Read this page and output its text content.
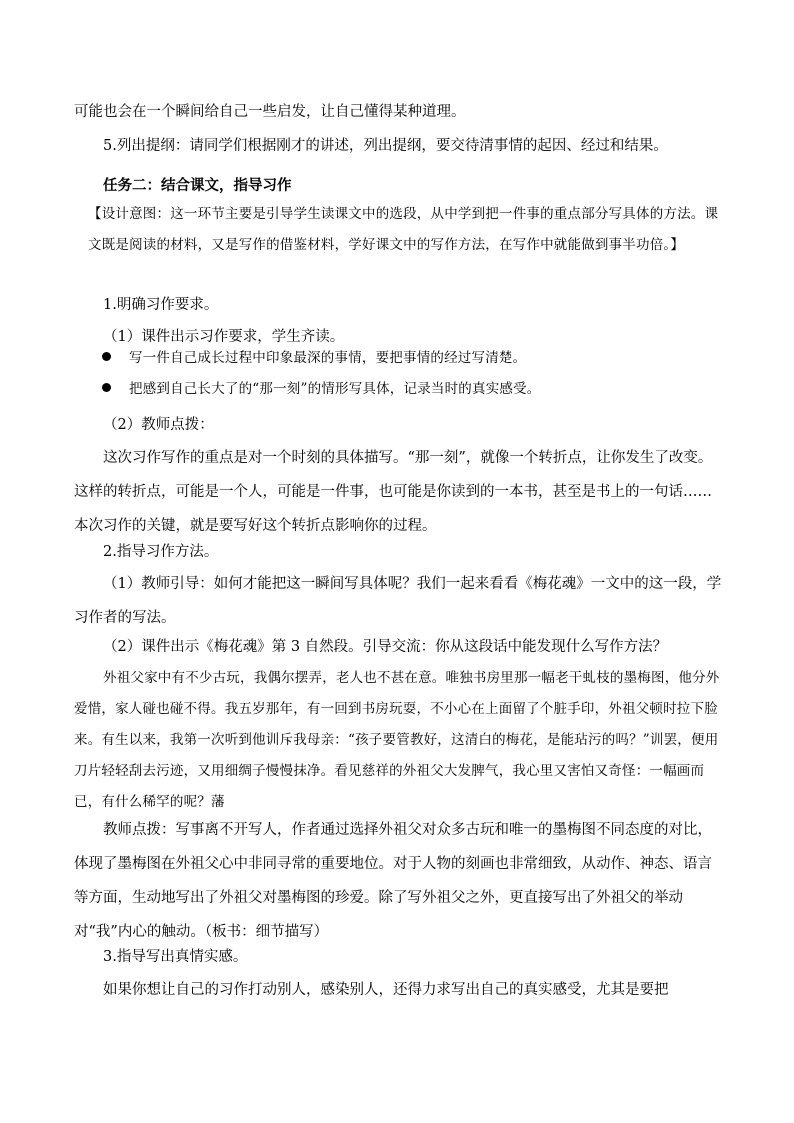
可能也会在一个瞬间给自己一些启发，让自己懂得某种道理。
5.列出提纲：请同学们根据刚才的讲述，列出提纲，要交待清事情的起因、经过和结果。
任务二：结合课文，指导习作
【设计意图：这一环节主要是引导学生读课文中的选段，从中学到把一件事的重点部分写具体的方法。课文既是阅读的材料，又是写作的借鉴材料，学好课文中的写作方法，在写作中就能做到事半功倍。】
1.明确习作要求。
（1）课件出示习作要求，学生齐读。
写一件自己成长过程中印象最深的事情，要把事情的经过写清楚。
把感到自己长大了的“那一刻”的情形写具体，记录当时的真实感受。
（2）教师点拨：
这次习作写作的重点是对一个时刻的具体描写。“那一刻”，就像一个转折点，让你发生了改变。这样的转折点，可能是一个人，可能是一件事，也可能是你读到的一本书，甚至是书上的一句话……本次习作的关键，就是要写好这个转折点影响你的过程。
2.指导习作方法。
（1）教师引导：如何才能把这一瞬间写具体呢？我们一起来看看《梅花魂》一文中的这一段，学习作者的写法。
（2）课件出示《梅花魂》第 3 自然段。引导交流：你从这段话中能发现什么写作方法？
外祖父家中有不少古玩，我偶尔摆弄，老人也不甚在意。唯独书房里那一幅老干虬枝的墨梅图，他分外爱惜，家人碰也碰不得。我五岁那年，有一回到书房玩耍，不小心在上面留了个脏手印，外祖父顿时拉下脸来。有生以来，我第一次听到他训斥我母亲：“孩子要管教好，这清白的梅花，是能玷污的吗？”训罢，便用刀片轻轻刮去污迹，又用细绸子慢慢抹净。看见慈祥的外祖父大发脾气，我心里又害怕又奇怪：一幅画而已，有什么稀罕的呢？藩
教师点拨：写事离不开写人，作者通过选择外祖父对众多古玩和唯一的墨梅图不同态度的对比，体现了墨梅图在外祖父心中非同寻常的重要地位。对于人物的刻画也非常细致，从动作、神态、语言等方面，生动地写出了外祖父对墨梅图的珍爱。除了写外祖父之外，更直接写出了外祖父的举动对“我”内心的触动。（板书：细节描写）
3.指导写出真情实感。
如果你想让自己的习作打动别人，感染别人，还得力求写出自己的真实感受，尤其是要把
